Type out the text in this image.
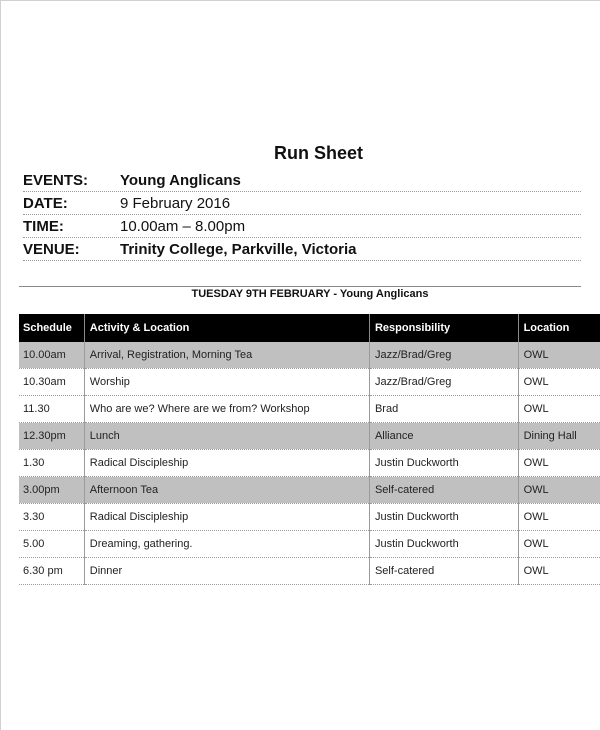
Run Sheet
EVENTS:	Young Anglicans
DATE:	9 February 2016
TIME:	10.00am – 8.00pm
VENUE:	Trinity College, Parkville, Victoria
TUESDAY 9TH FEBRUARY - Young Anglicans
Schedule	Activity & Location	Responsibility	Location
10.00am	Arrival, Registration, Morning Tea	Jazz/Brad/Greg	OWL
10.30am	Worship	Jazz/Brad/Greg	OWL
11.30	Who are we? Where are we from? Workshop	Brad	OWL
12.30pm	Lunch	Alliance	Dining Hall
1.30	Radical Discipleship	Justin Duckworth	OWL
3.00pm	Afternoon Tea	Self-catered	OWL
3.30	Radical Discipleship	Justin Duckworth	OWL
5.00	Dreaming, gathering.	Justin Duckworth	OWL
6.30 pm	Dinner	Self-catered	OWL
